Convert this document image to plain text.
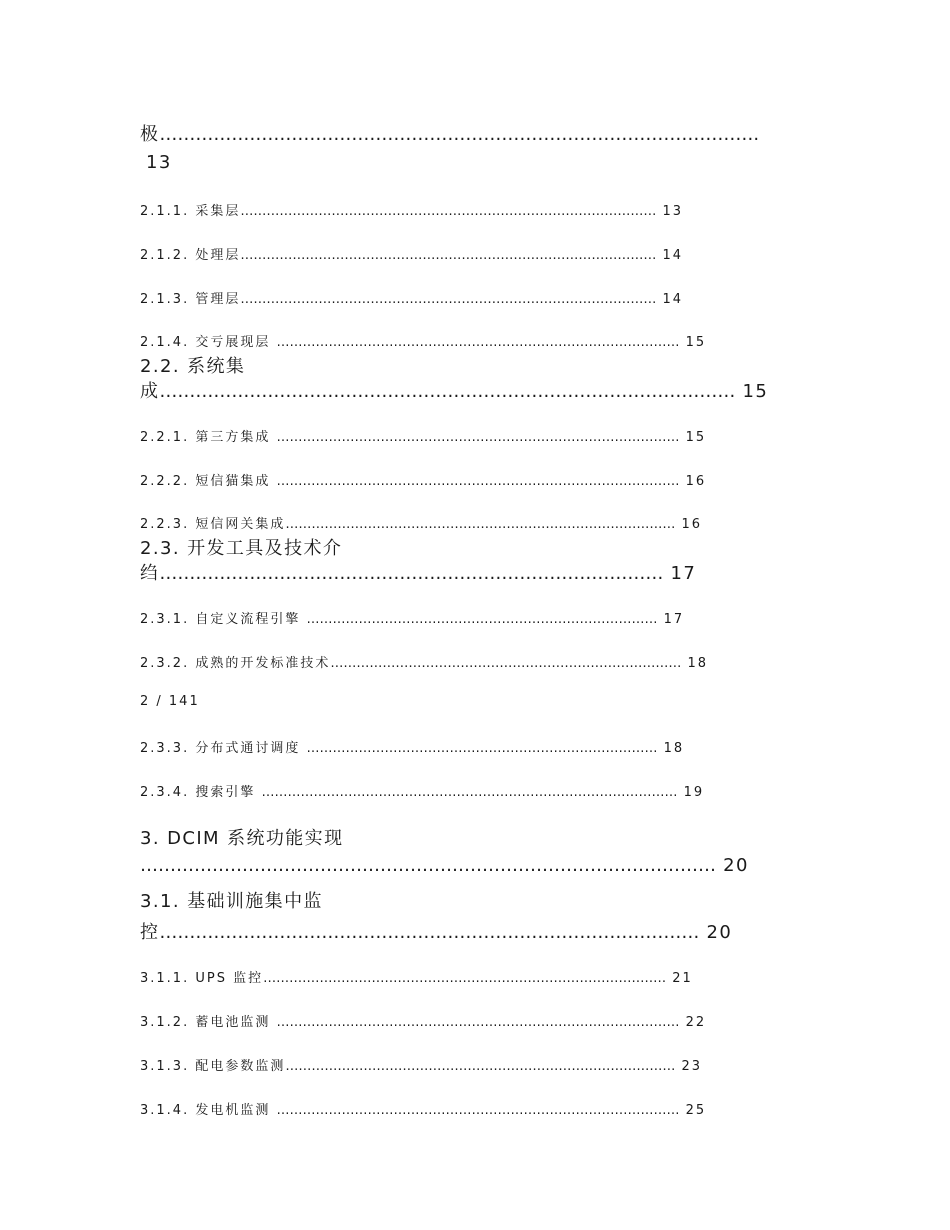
极……………………………………………………………………………………….
13
2.1.1. 采集层…………………………………………………………………………………… 13
2.1.2. 处理层…………………………………………………………………………………… 14
2.1.3. 管理层…………………………………………………………………………………… 14
2.1.4. 交亏展现层 ………………………………………………………………………………… 15
2.2. 系统集
成…………………………………………………………………………………… 15
2.2.1. 第三方集成 ………………………………………………………………………………… 15
2.2.2. 短信猫集成 ………………………………………………………………………………… 16
2.2.3. 短信网关集成……………………………………………………………………………… 16
2.3. 开发工具及技术介
绉………………………………………………………………………… 17
2.3.1. 自定义流程引擎 ……………………………………………………………………… 17
2.3.2. 成熟的开发标准技术……………………………………………………………………… 18
2 / 141
2.3.3. 分布式通讨调度 ……………………………………………………………………… 18
2.3.4. 搜索引擎 …………………………………………………………………………………… 19
3. DCIM 系统功能实现
…………………………………………………………………………………… 20
3.1. 基础训施集中监
控……………………………………………………………………………… 20
3.1.1. UPS 监控………………………………………………………………………………… 21
3.1.2. 蓄电池监测 ………………………………………………………………………………… 22
3.1.3. 配电参数监测……………………………………………………………………………… 23
3.1.4. 发电机监测 ………………………………………………………………………………… 25
